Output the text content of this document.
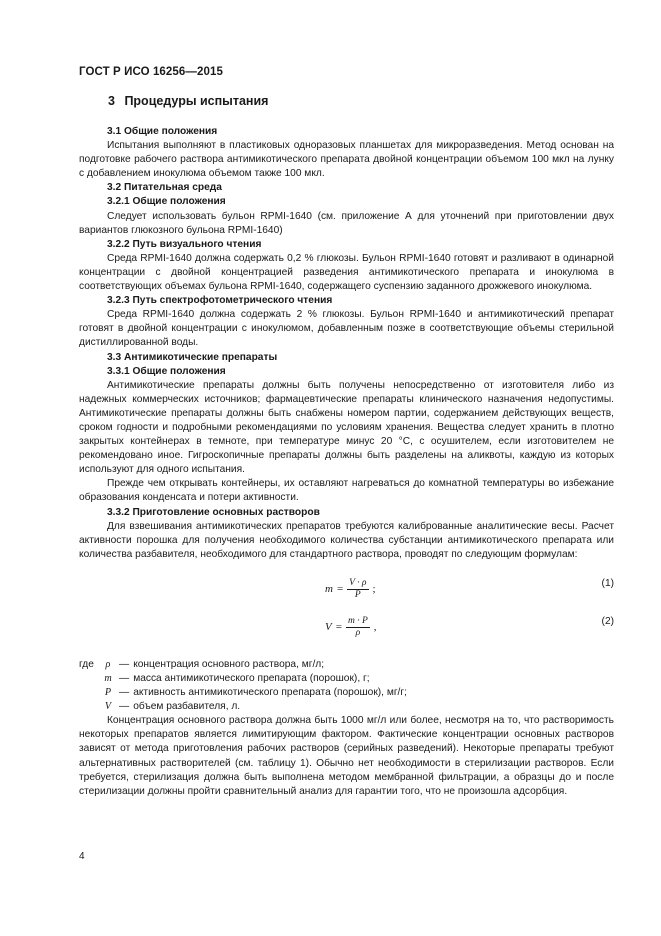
ГОСТ Р ИСО 16256—2015
3 Процедуры испытания

3.1 Общие положения

Испытания выполняют в пластиковых одноразовых планшетах для микроразведения. Метод основан на подготовке рабочего раствора антимикотического препарата двойной концентрации объемом 100 мкл на лунку с добавлением инокулюма объемом также 100 мкл.

3.2 Питательная среда

3.2.1 Общие положения

Следует использовать бульон RPMI-1640 (см. приложение А для уточнений при приготовлении двух вариантов глюкозного бульона RPMI-1640)

3.2.2 Путь визуального чтения

Среда RPMI-1640 должна содержать 0,2 % глюкозы. Бульон RPMI-1640 готовят и разливают в одинарной концентрации с двойной концентрацией разведения антимикотического препарата и инокулюма в соответствующих объемах бульона RPMI-1640, содержащего суспензию заданного дрожжевого инокулюма.

3.2.3 Путь спектрофотометрического чтения

Среда RPMI-1640 должна содержать 2 % глюкозы. Бульон RPMI-1640 и антимикотический препарат готовят в двойной концентрации с инокулюмом, добавленным позже в соответствующие объемы стерильной дистиллированной воды.

3.3 Антимикотические препараты

3.3.1 Общие положения

Антимикотические препараты должны быть получены непосредственно от изготовителя либо из надежных коммерческих источников; фармацевтические препараты клинического назначения недопустимы. Антимикотические препараты должны быть снабжены номером партии, содержанием действующих веществ, сроком годности и подробными рекомендациями по условиям хранения. Вещества следует хранить в плотно закрытых контейнерах в темноте, при температуре минус 20 °С, с осушителем, если изготовителем не рекомендовано иное. Гигроскопичные препараты должны быть разделены на аликвоты, каждую из которых используют для одного испытания.

Прежде чем открывать контейнеры, их оставляют нагреваться до комнатной температуры во избежание образования конденсата и потери активности.

3.3.2 Приготовление основных растворов

Для взвешивания антимикотических препаратов требуются калиброванные аналитические весы. Расчет активности порошка для получения необходимого количества субстанции антимикотического препарата или количества разбавителя, необходимого для стандартного раствора, проводят по следующим формулам:

$m = \frac{V \cdot \rho}{P}$ ;	(1)
$V = \frac{m \cdot P}{\rho}$ ,	(2)
где	ρ — концентрация основного раствора, мг/л;
m — масса антимикотического препарата (порошок), г;
P — активность антимикотического препарата (порошок), мг/г;
V — объем разбавителя, л.

Концентрация основного раствора должна быть 1000 мг/л или более, несмотря на то, что растворимость некоторых препаратов является лимитирующим фактором. Фактические концентрации основных растворов зависят от метода приготовления рабочих растворов (серийных разведений). Некоторые препараты требуют альтернативных растворителей (см. таблицу 1). Обычно нет необходимости в стерилизации растворов. Если требуется, стерилизация должна быть выполнена методом мембранной фильтрации, а образцы до и после стерилизации должны пройти сравнительный анализ для гарантии того, что не произошла адсорбция.

4
